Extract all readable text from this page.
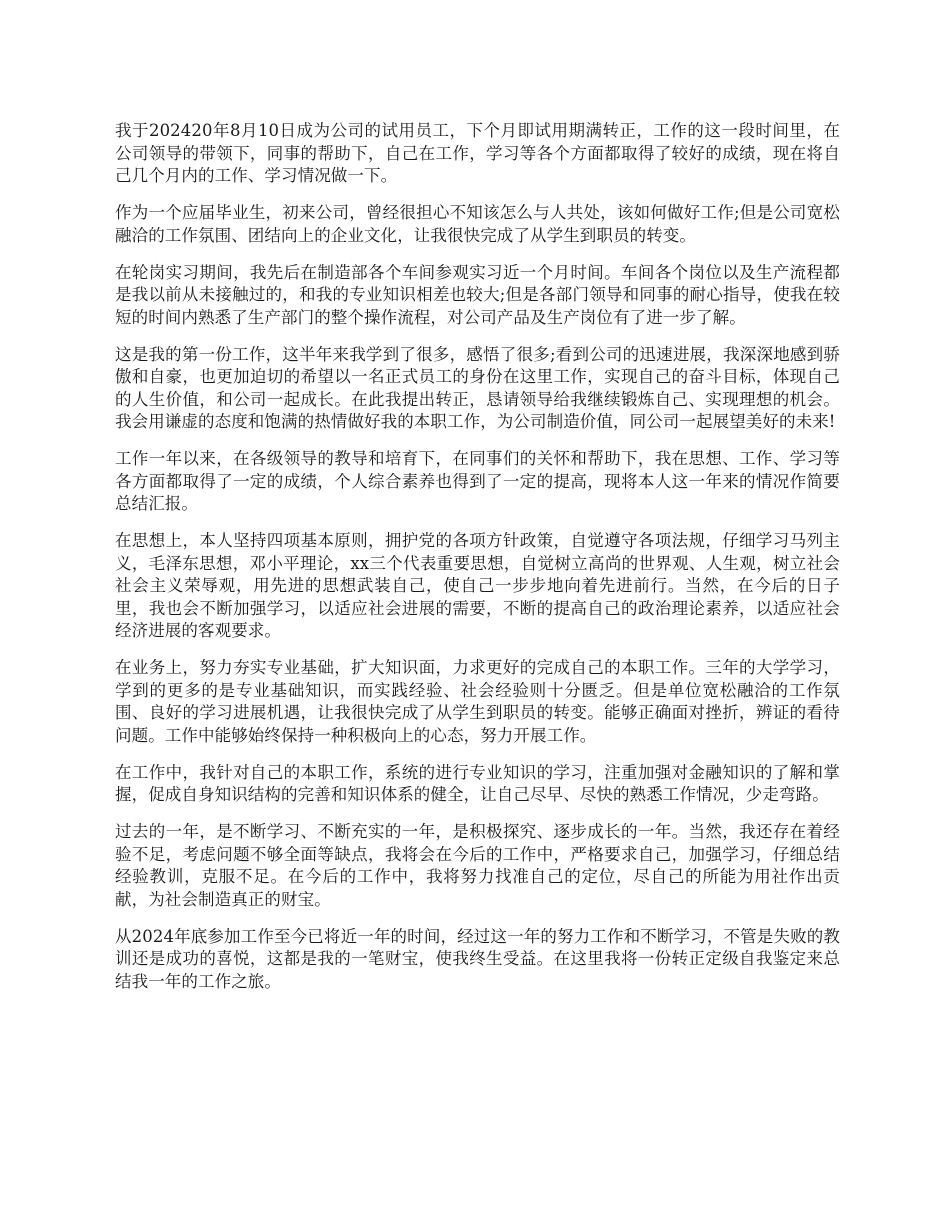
我于202420年8月10日成为公司的试用员工，下个月即试用期满转正，工作的这一段时间里，在公司领导的带领下，同事的帮助下，自己在工作，学习等各个方面都取得了较好的成绩，现在将自己几个月内的工作、学习情况做一下。

作为一个应届毕业生，初来公司，曾经很担心不知该怎么与人共处，该如何做好工作;但是公司宽松融洽的工作氛围、团结向上的企业文化，让我很快完成了从学生到职员的转变。

在轮岗实习期间，我先后在制造部各个车间参观实习近一个月时间。车间各个岗位以及生产流程都是我以前从未接触过的，和我的专业知识相差也较大;但是各部门领导和同事的耐心指导，使我在较短的时间内熟悉了生产部门的整个操作流程，对公司产品及生产岗位有了进一步了解。

这是我的第一份工作，这半年来我学到了很多，感悟了很多;看到公司的迅速进展，我深深地感到骄傲和自豪，也更加迫切的希望以一名正式员工的身份在这里工作，实现自己的奋斗目标，体现自己的人生价值，和公司一起成长。在此我提出转正，恳请领导给我继续锻炼自己、实现理想的机会。我会用谦虚的态度和饱满的热情做好我的本职工作，为公司制造价值，同公司一起展望美好的未来!

工作一年以来，在各级领导的教导和培育下，在同事们的关怀和帮助下，我在思想、工作、学习等各方面都取得了一定的成绩，个人综合素养也得到了一定的提高，现将本人这一年来的情况作简要总结汇报。

在思想上，本人坚持四项基本原则，拥护党的各项方针政策，自觉遵守各项法规，仔细学习马列主义，毛泽东思想，邓小平理论，xx三个代表重要思想，自觉树立高尚的世界观、人生观，树立社会社会主义荣辱观，用先进的思想武装自己，使自己一步步地向着先进前行。当然，在今后的日子里，我也会不断加强学习，以适应社会进展的需要，不断的提高自己的政治理论素养，以适应社会经济进展的客观要求。

在业务上，努力夯实专业基础，扩大知识面，力求更好的完成自己的本职工作。三年的大学学习，学到的更多的是专业基础知识，而实践经验、社会经验则十分匮乏。但是单位宽松融洽的工作氛围、良好的学习进展机遇，让我很快完成了从学生到职员的转变。能够正确面对挫折，辨证的看待问题。工作中能够始终保持一种积极向上的心态，努力开展工作。

在工作中，我针对自己的本职工作，系统的进行专业知识的学习，注重加强对金融知识的了解和掌握，促成自身知识结构的完善和知识体系的健全，让自己尽早、尽快的熟悉工作情况，少走弯路。

过去的一年，是不断学习、不断充实的一年，是积极探究、逐步成长的一年。当然，我还存在着经验不足，考虑问题不够全面等缺点，我将会在今后的工作中，严格要求自己，加强学习，仔细总结经验教训，克服不足。在今后的工作中，我将努力找准自己的定位，尽自己的所能为用社作出贡献，为社会制造真正的财宝。

从2024年底参加工作至今已将近一年的时间，经过这一年的努力工作和不断学习，不管是失败的教训还是成功的喜悦，这都是我的一笔财宝，使我终生受益。在这里我将一份转正定级自我鉴定来总结我一年的工作之旅。
